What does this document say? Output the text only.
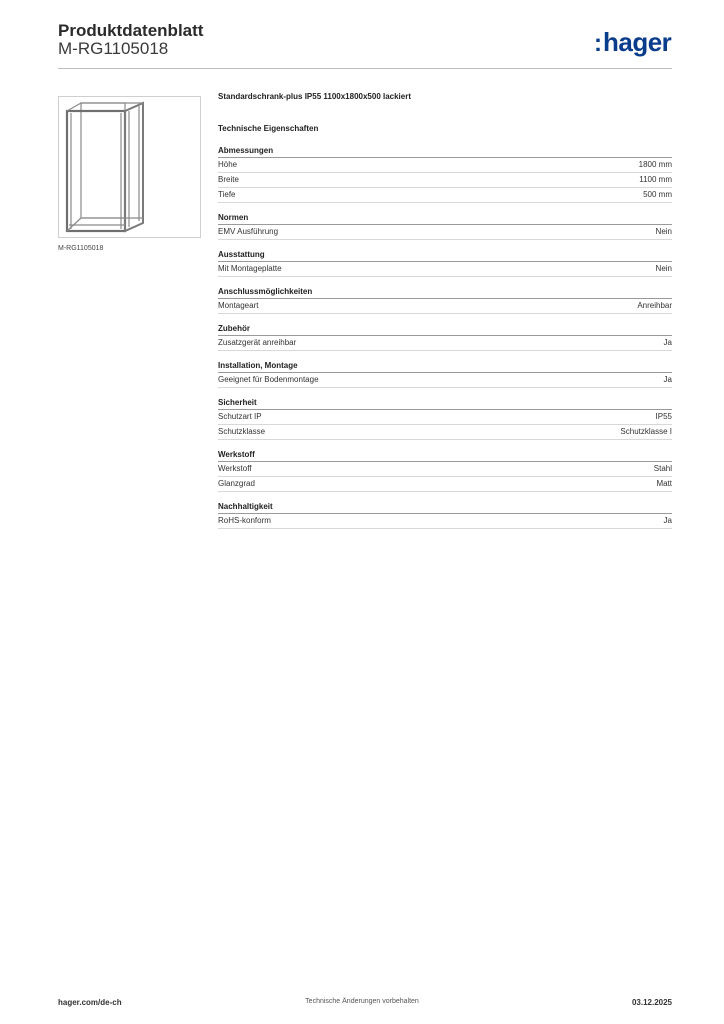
Produktdatenblatt
M-RG1105018	:hager
M-RG1105018
Standardschrank-plus IP55 1100x1800x500 lackiert
Technische Eigenschaften
Abmessungen
Höhe	1800 mm
Breite	1100 mm
Tiefe	500 mm
Normen
EMV Ausführung	Nein
Ausstattung
Mit Montageplatte	Nein
Anschlussmöglichkeiten
Montageart	Anreihbar
Zubehör
Zusatzgerät anreihbar	Ja
Installation, Montage
Geeignet für Bodenmontage	Ja
Sicherheit
Schutzart IP	IP55
Schutzklasse	Schutzklasse I
Werkstoff
Werkstoff	Stahl
Glanzgrad	Matt
Nachhaltigkeit
RoHS-konform	Ja
hager.com/de-ch	Technische Änderungen vorbehalten	03.12.2025
